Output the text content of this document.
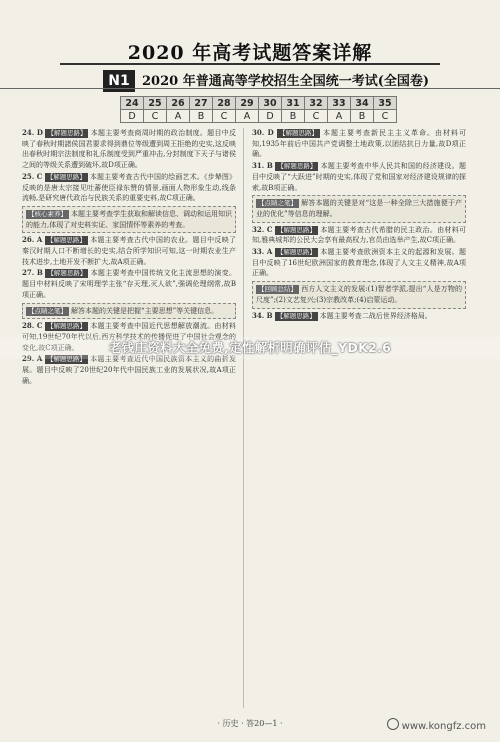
2020 年高考试题答案详解
N1 2020 年普通高等学校招生全国统一考试(全国卷)
24	25	26	27	28	29	30	31	32	33	34	35
D	C	A	B	C	A	D	B	C	A	B	C

24. D 【解题思路】 本题主要考查商周时期的政治制度。题目中反映了春秋时期諸侯国君要求得到鼎位等级遭到周王拒绝的史实,这反映出春秋时期宗法制度和礼乐制度受到严重冲击,分封制度下天子与诸侯之间的等级关系遭到破坏,故D项正确。

25. C 【解题思路】 本题主要考查古代中国的绘画艺术。《步辇图》反映的是唐太宗接见吐蕃使臣禄东赞的情景,画面人物形象生动,线条流畅,是研究唐代政治与民族关系的重要史料,故C项正确。

【核心素养】 本题主要考查学生获取和解读信息、调动和运用知识的能力,体现了对史料实证、家国情怀等素养的考查。

26. A 【解题思路】 本题主要考查古代中国的农业。题目中反映了秦汉时期人口不断增长的史实,结合所学知识可知,这一时期农业生产技术进步,土地开发不断扩大,故A项正确。

27. B 【解题思路】 本题主要考查中国传统文化主流思想的演变。题目中材料反映了宋明理学主张“存天理,灭人欲”,强调伦理纲常,故B项正确。

【点睛之笔】 解答本题的关键是把握“主要思想”等关键信息。

28. C 【解题思路】 本题主要考查中国近代思想解放潮流。由材料可知,19世纪70年代以后,西方科学技术的传播促进了中国社会观念的变化,故C项正确。

29. A 【解题思路】 本题主要考查近代中国民族资本主义的曲折发展。题目中反映了20世纪20年代中国民族工业的发展状况,故A项正确。

30. D 【解题思路】 本题主要考查新民主主义革命。由材料可知,1935年前后中国共产党调整土地政策,以团结抗日力量,故D项正确。

31. B 【解题思路】 本题主要考查中华人民共和国的经济建设。题目中反映了“大跃进”时期的史实,体现了党和国家对经济建设规律的探索,故B项正确。

【点睛之笔】 解答本题的关键是对“这是一种全除三大措施便于产业的优化”等信息的理解。

32. C 【解题思路】 本题主要考查古代希腊的民主政治。由材料可知,雅典城邦的公民大会享有最高权力,官员由选举产生,故C项正确。

33. A 【解题思路】 本题主要考查欧洲资本主义的起源和发展。题目中反映了16世纪欧洲国家的教育理念,体现了人文主义精神,故A项正确。

【回顾总结】 西方人文主义的发展:(1)智者学派,提出“人是万物的尺度”;(2)文艺复兴;(3)宗教改革;(4)启蒙运动。

34. B 【解题思路】 本题主要考查二战后世界经济格局。

· 历史 · 答20—1 ·	www.kongfz.com
老钱庄资料大全免费,定性解析明确评估_YDK2.6
